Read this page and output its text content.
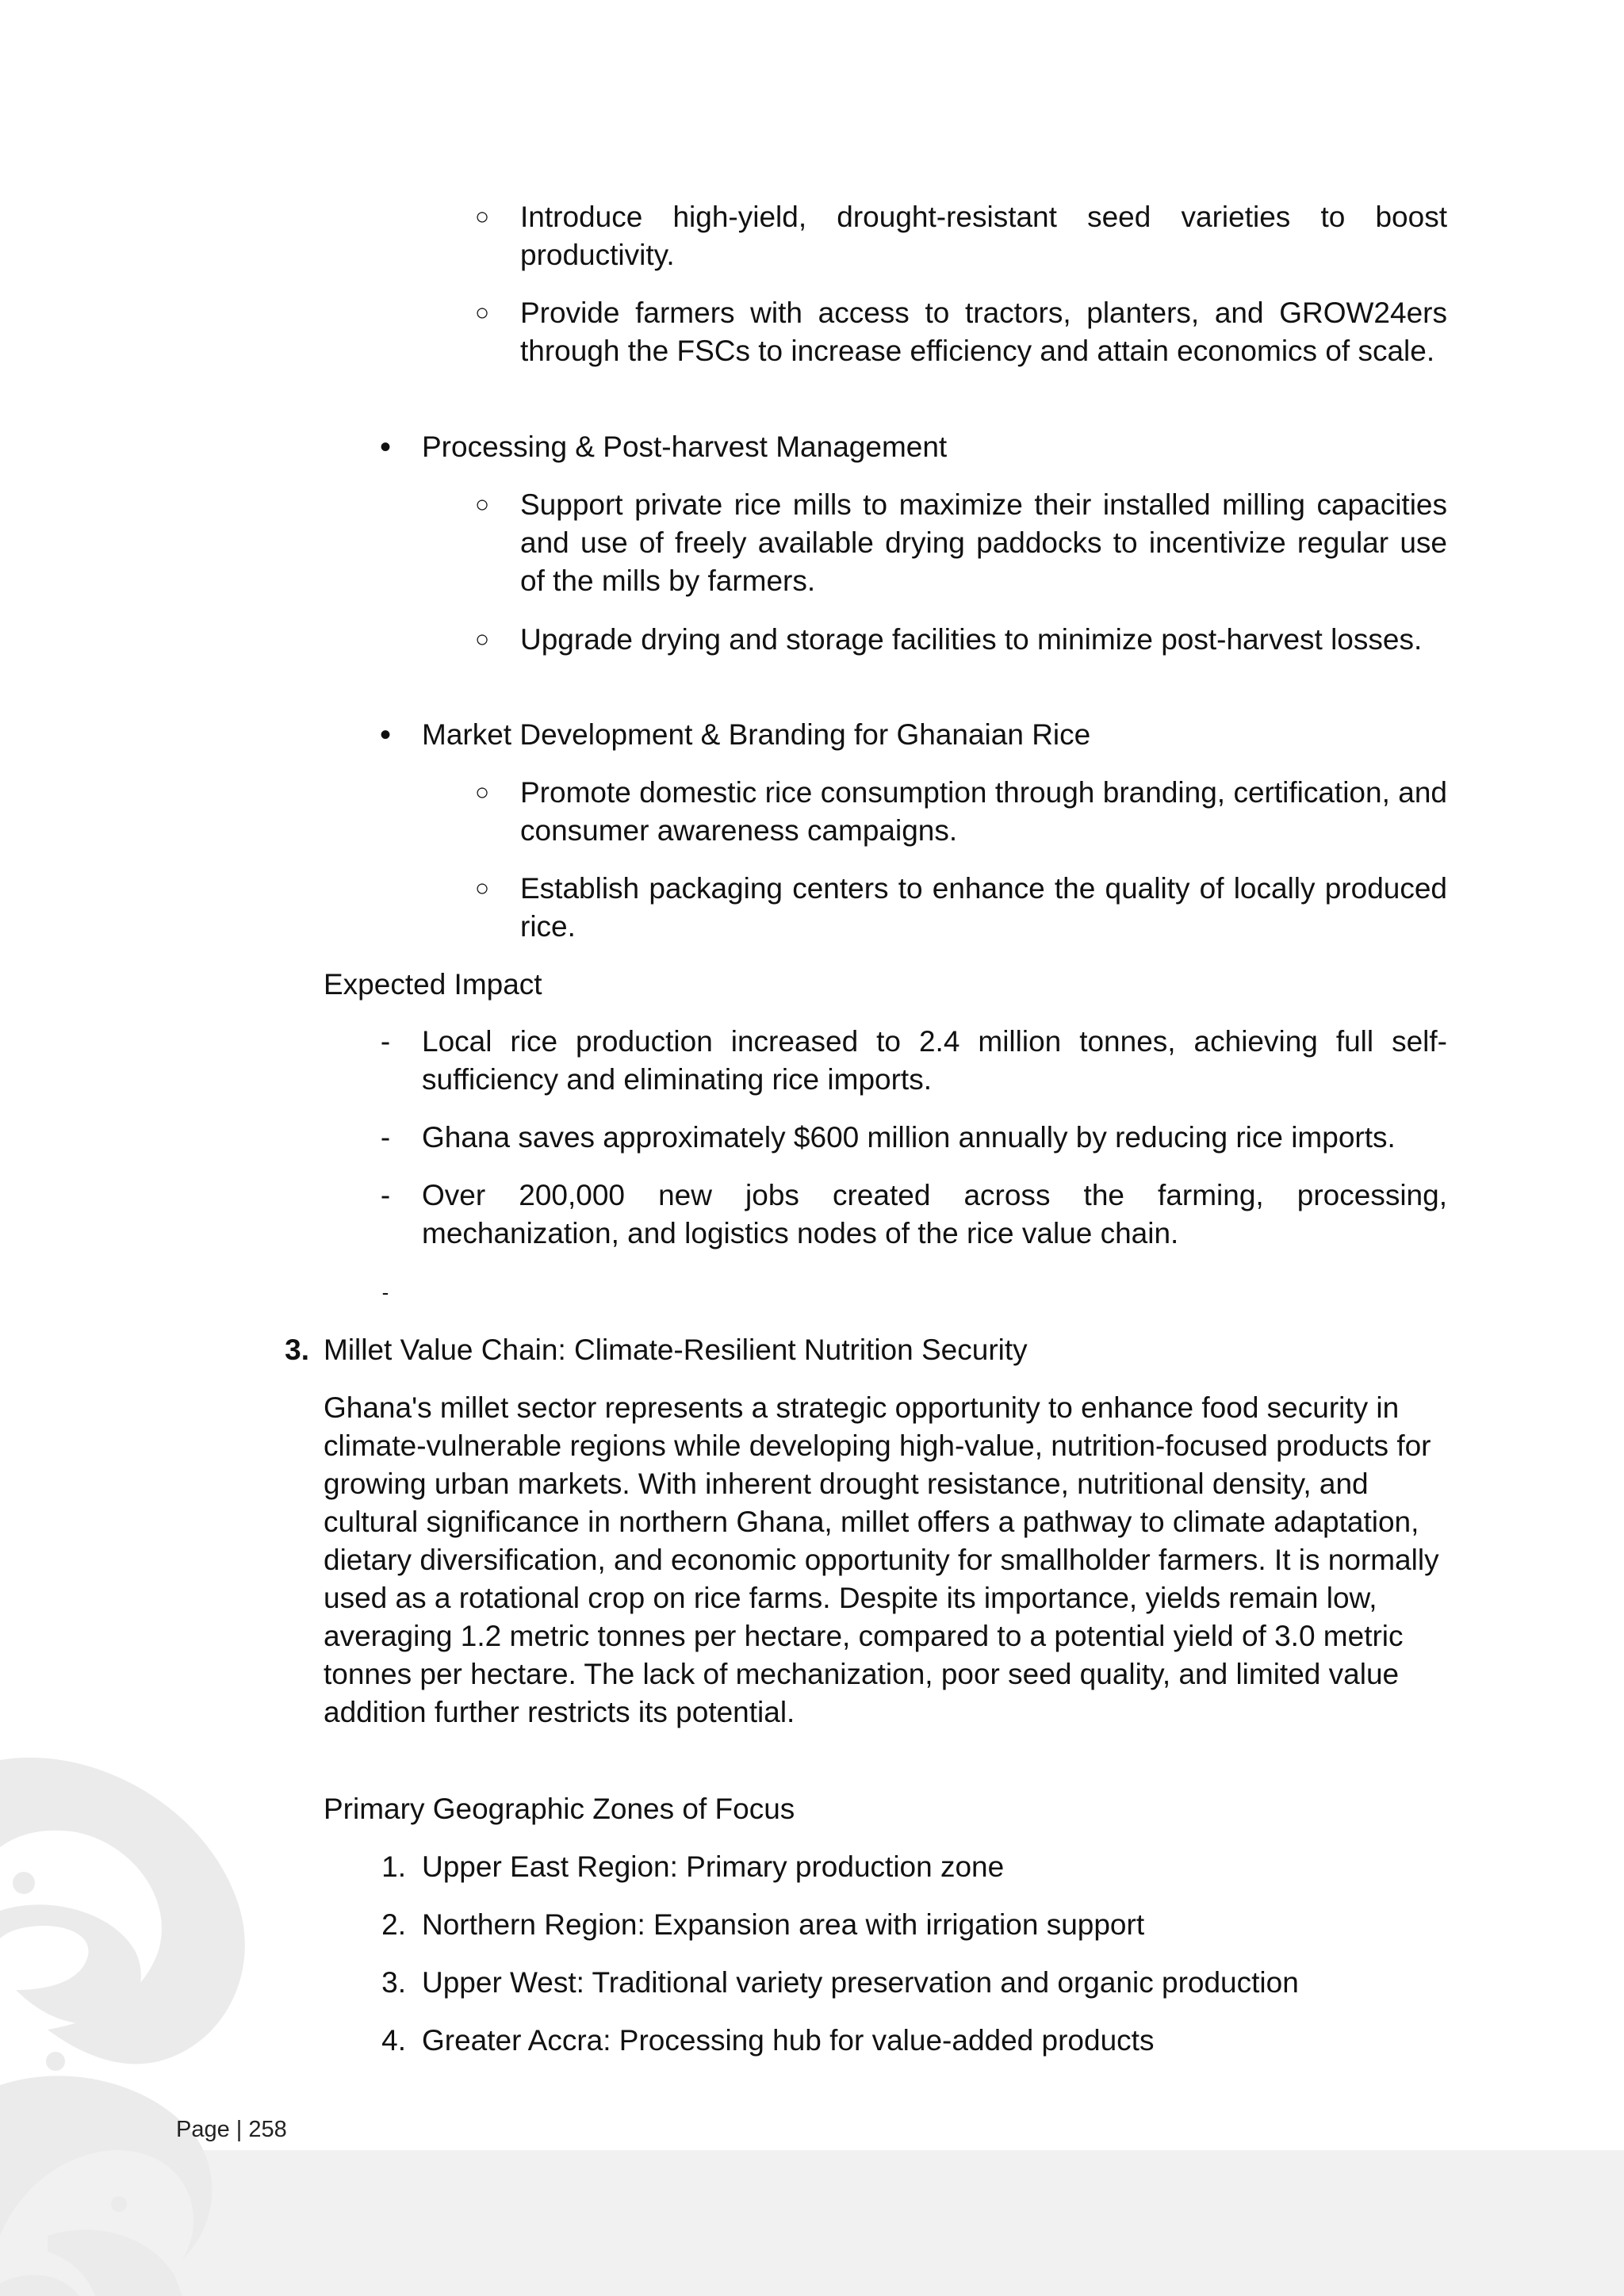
○ Introduce high-yield, drought-resistant seed varieties to boost productivity.
○ Provide farmers with access to tractors, planters, and GROW24ers through the FSCs to increase efficiency and attain economics of scale.
•	Processing & Post-harvest Management
○ Support private rice mills to maximize their installed milling capacities and use of freely available drying paddocks to incentivize regular use of the mills by farmers.
○ Upgrade drying and storage facilities to minimize post-harvest losses.
•	Market Development & Branding for Ghanaian Rice
○ Promote domestic rice consumption through branding, certification, and consumer awareness campaigns.
○ Establish packaging centers to enhance the quality of locally produced rice.
Expected Impact
-	Local rice production increased to 2.4 million tonnes, achieving full self-sufficiency and eliminating rice imports.
-	Ghana saves approximately $600 million annually by reducing rice imports.
-	Over 200,000 new jobs created across the farming, processing, mechanization, and logistics nodes of the rice value chain.
-
3. Millet Value Chain: Climate-Resilient Nutrition Security
Ghana's millet sector represents a strategic opportunity to enhance food security in climate-vulnerable regions while developing high-value, nutrition-focused products for growing urban markets. With inherent drought resistance, nutritional density, and cultural significance in northern Ghana, millet offers a pathway to climate adaptation, dietary diversification, and economic opportunity for smallholder farmers. It is normally used as a rotational crop on rice farms. Despite its importance, yields remain low, averaging 1.2 metric tonnes per hectare, compared to a potential yield of 3.0 metric tonnes per hectare. The lack of mechanization, poor seed quality, and limited value addition further restricts its potential.
Primary Geographic Zones of Focus
1. Upper East Region: Primary production zone
2. Northern Region: Expansion area with irrigation support
3. Upper West: Traditional variety preservation and organic production
4. Greater Accra: Processing hub for value-added products
Page | 258
